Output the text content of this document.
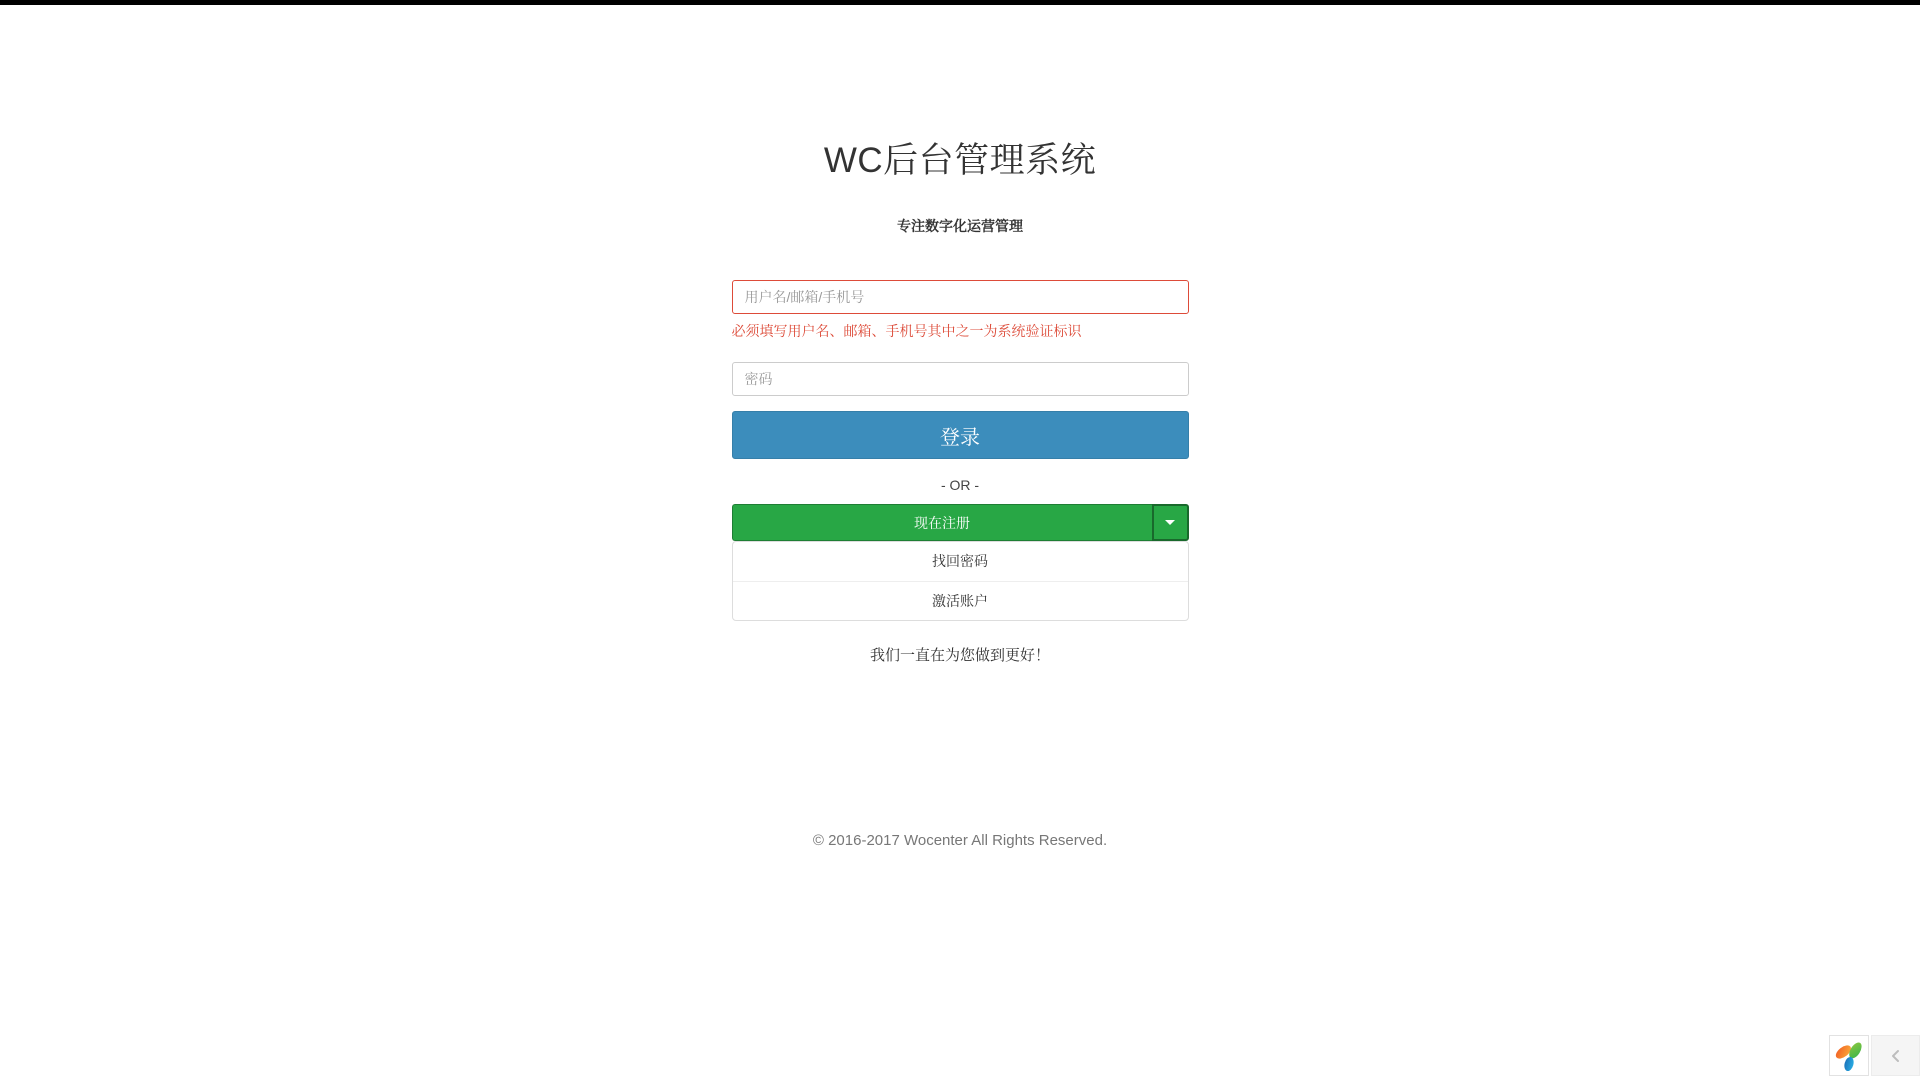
WC后台管理系统
专注数字化运营管理
用户名/邮箱/手机号
必须填写用户名、邮箱、手机号其中之一为系统验证标识
登录
- OR -
现在注册
找回密码
激活账户
我们一直在为您做到更好！
© 2016-2017 Wocenter All Rights Reserved.
